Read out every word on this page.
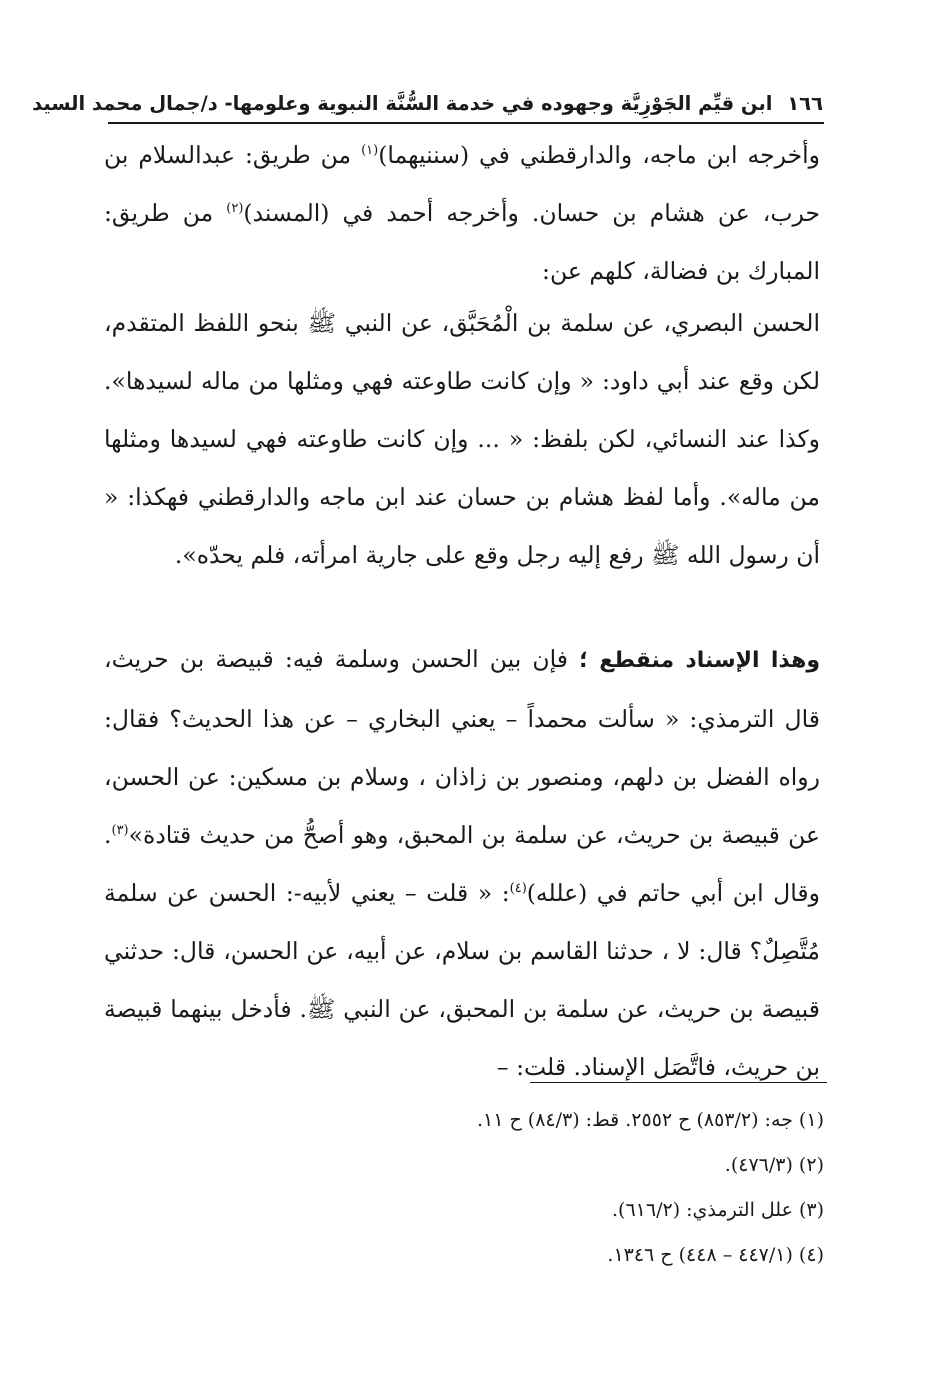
١٦٦ ابن قيِّم الجَوْزِيَّة وجهوده في خدمة السُّنَّة النبوية وعلومها- د/جمال محمد السيد
وأخرجه ابن ماجه، والدارقطني في (سننيهما)$^{(١)}$ من طريق: عبدالسلام بن حرب، عن هشام بن حسان. وأخرجه أحمد في (المسند)$^{(٢)}$ من طريق: المبارك بن فضالة، كلهم عن:
الحسن البصري، عن سلمة بن الْمُحَبَّق، عن النبي ﷺ بنحو اللفظ المتقدم، لكن وقع عند أبي داود: « وإن كانت طاوعته فهي ومثلها من ماله لسيدها». وكذا عند النسائي، لكن بلفظ: « ... وإن كانت طاوعته فهي لسيدها ومثلها من ماله». وأما لفظ هشام بن حسان عند ابن ماجه والدارقطني فهكذا: « أن رسول الله ﷺ رفع إليه رجل وقع على جارية امرأته، فلم يحدّه».
وهذا الإسناد منقطع ؛ فإن بين الحسن وسلمة فيه: قبيصة بن حريث، قال الترمذي: « سألت محمداً – يعني البخاري – عن هذا الحديث؟ فقال: رواه الفضل بن دلهم، ومنصور بن زاذان ، وسلام بن مسكين: عن الحسن، عن قبيصة بن حريث، عن سلمة بن المحبق، وهو أصحُّ من حديث قتادة»$^{(٣)}$. وقال ابن أبي حاتم في (علله)$^{(٤)}$: « قلت – يعني لأبيه-: الحسن عن سلمة مُتَّصِلٌ؟ قال: لا ، حدثنا القاسم بن سلام، عن أبيه، عن الحسن، قال: حدثني قبيصة بن حريث، عن سلمة بن المحبق، عن النبي ﷺ. فأدخل بينهما قبيصة بن حريث، فاتَّصَل الإسناد. قلت: –
(١) جه: (٨٥٣/٢) ح ٢٥٥٢. قط: (٨٤/٣) ح ١١.
(٢) (٤٧٦/٣).
(٣) علل الترمذي: (٦١٦/٢).
(٤) (٤٤٧/١ – ٤٤٨) ح ١٣٤٦.
